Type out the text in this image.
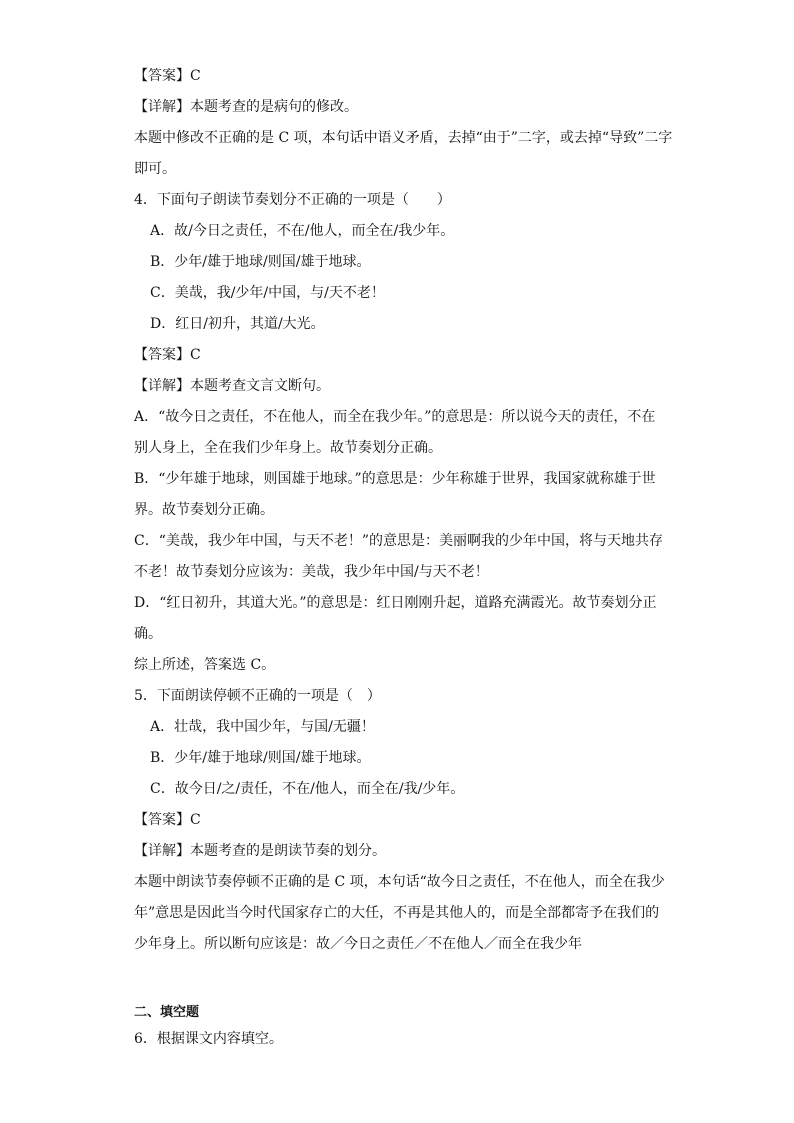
【答案】C
【详解】本题考查的是病句的修改。
本题中修改不正确的是 C 项，本句话中语义矛盾，去掉“由于”二字，或去掉“导致”二字
即可。
4．下面句子朗读节奏划分不正确的一项是（　　）
A．故/今日之责任，不在/他人，而全在/我少年。
B．少年/雄于地球/则国/雄于地球。
C．美哉，我/少年/中国，与/天不老！
D．红日/初升，其道/大光。
【答案】C
【详解】本题考查文言文断句。
A．“故今日之责任，不在他人，而全在我少年。”的意思是：所以说今天的责任，不在
别人身上，全在我们少年身上。故节奏划分正确。
B．“少年雄于地球，则国雄于地球。”的意思是：少年称雄于世界，我国家就称雄于世
界。故节奏划分正确。
C．“美哉，我少年中国，与天不老！”的意思是：美丽啊我的少年中国，将与天地共存
不老！故节奏划分应该为：美哉，我少年中国/与天不老！
D．“红日初升，其道大光。”的意思是：红日刚刚升起，道路充满霞光。故节奏划分正
确。
综上所述，答案选 C。
5．下面朗读停顿不正确的一项是（　）
A．壮哉，我中国少年，与国/无疆！
B．少年/雄于地球/则国/雄于地球。
C．故今日/之/责任，不在/他人，而全在/我/少年。
【答案】C
【详解】本题考查的是朗读节奏的划分。
本题中朗读节奏停顿不正确的是 C 项，本句话“故今日之责任，不在他人，而全在我少
年”意思是因此当今时代国家存亡的大任，不再是其他人的，而是全部都寄予在我们的
少年身上。所以断句应该是：故／今日之责任／不在他人／而全在我少年
二、填空题
6．根据课文内容填空。
